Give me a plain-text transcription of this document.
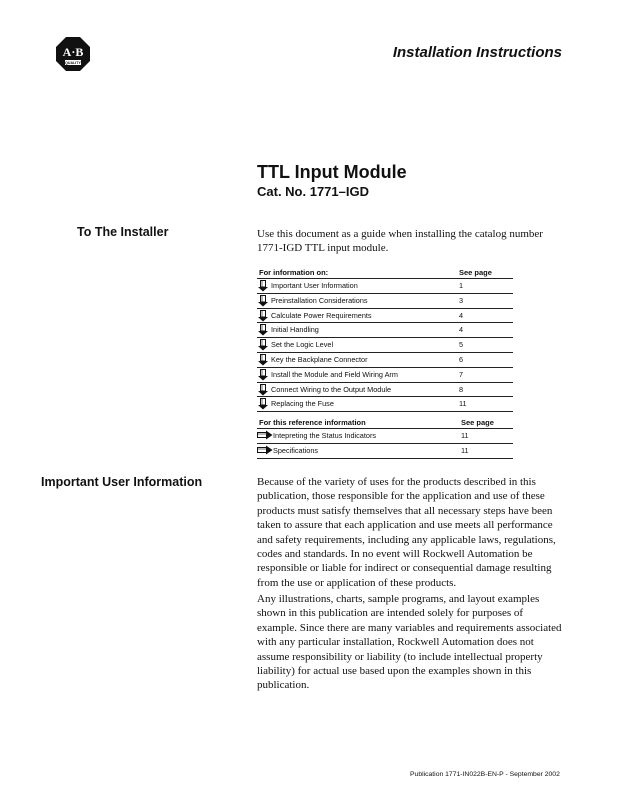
A·B
QUALITY
Installation Instructions
TTL Input Module
Cat. No. 1771–IGD
To The Installer	Use this document as a guide when installing the catalog number 1771-IGD TTL input module.
For information on:	See page
Important User Information	1
Preinstallation Considerations	3
Calculate Power Requirements	4
Initial Handling	4
Set the Logic Level	5
Key the Backplane Connector	6
Install the Module and Field Wiring Arm	7
Connect Wiring to the Output Module	8
Replacing the Fuse	11
For this reference information	See page
Intepreting the Status Indicators	11
Specifications	11
Important User Information	Because of the variety of uses for the products described in this publication, those responsible for the application and use of these products must satisfy themselves that all necessary steps have been taken to assure that each application and use meets all performance and safety requirements, including any applicable laws, regulations, codes and standards. In no event will Rockwell Automation be responsible or liable for indirect or consequential damage resulting from the use or application of these products.
Any illustrations, charts, sample programs, and layout examples shown in this publication are intended solely for purposes of example. Since there are many variables and requirements associated with any particular installation, Rockwell Automation does not assume responsibility or liability (to include intellectual property liability) for actual use based upon the examples shown in this publication.
Publication 1771-IN022B-EN-P - September 2002
